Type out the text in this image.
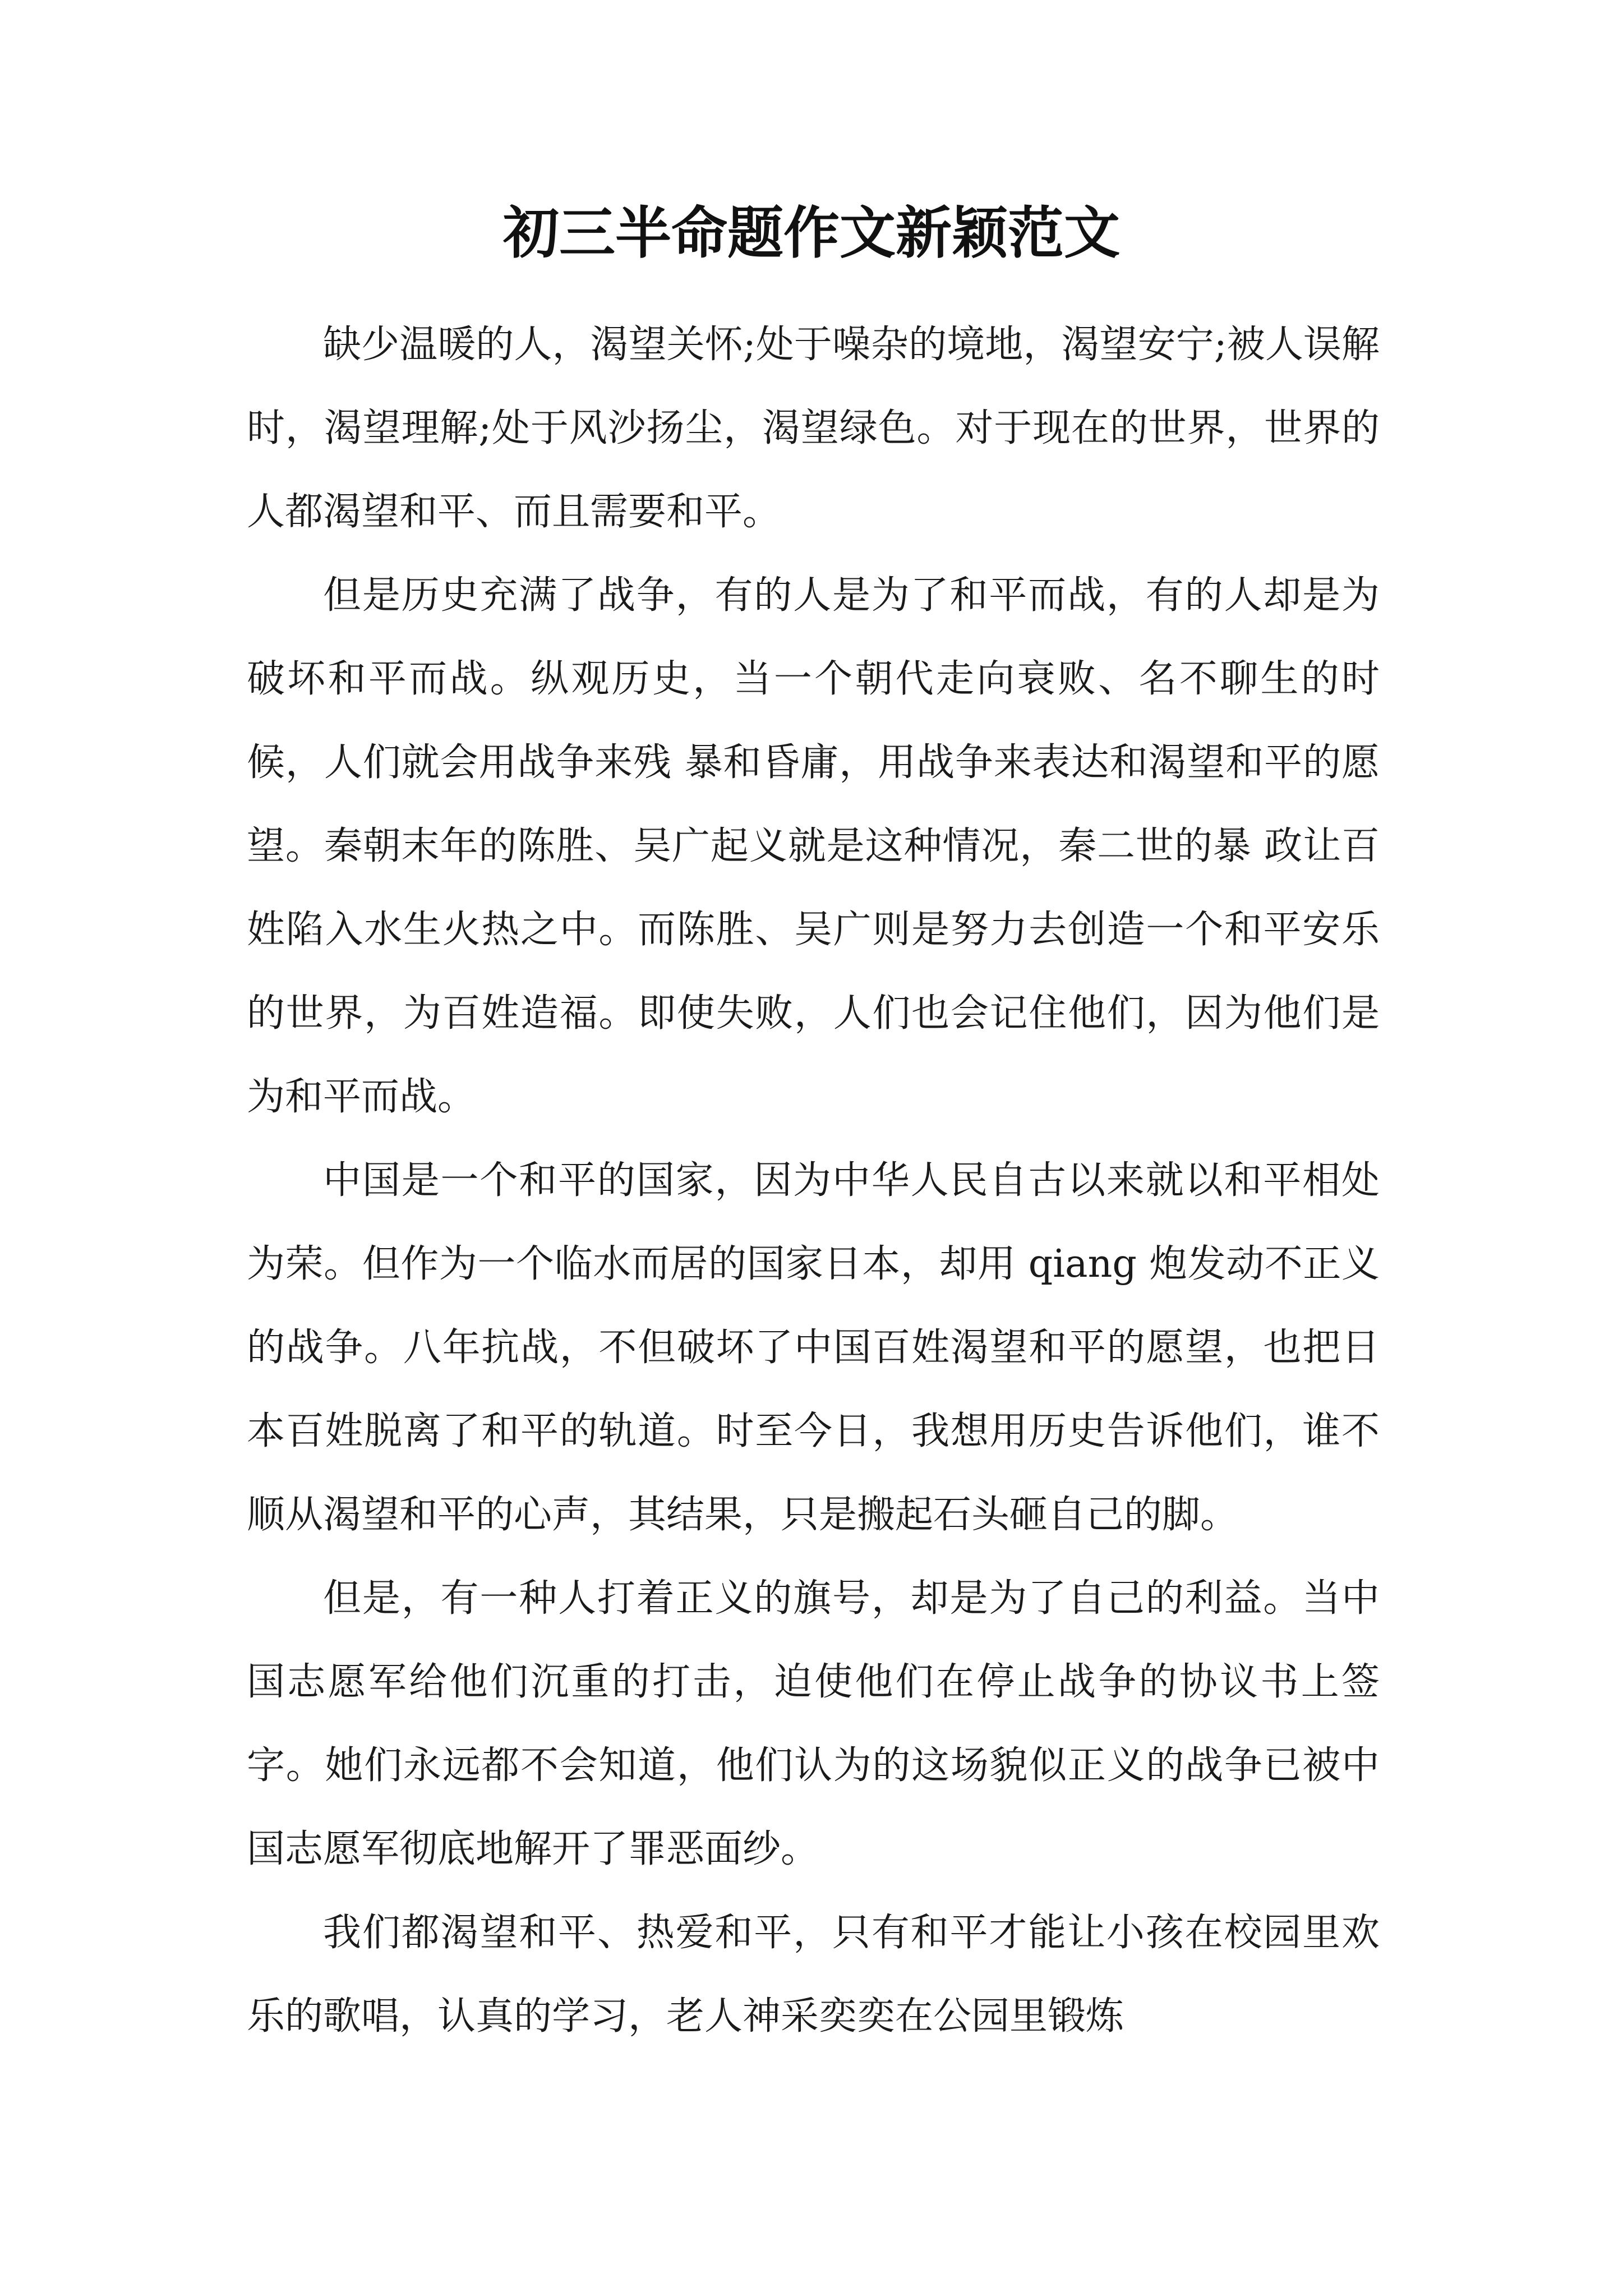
初三半命题作文新颖范文

缺少温暖的人，渴望关怀;处于噪杂的境地，渴望安宁;被人误解时，渴望理解;处于风沙扬尘，渴望绿色。对于现在的世界，世界的人都渴望和平、而且需要和平。

但是历史充满了战争，有的人是为了和平而战，有的人却是为破坏和平而战。纵观历史，当一个朝代走向衰败、名不聊生的时候，人们就会用战争来残 暴和昏庸，用战争来表达和渴望和平的愿望。秦朝末年的陈胜、吴广起义就是这种情况，秦二世的暴 政让百姓陷入水生火热之中。而陈胜、吴广则是努力去创造一个和平安乐的世界，为百姓造福。即使失败，人们也会记住他们，因为他们是为和平而战。

中国是一个和平的国家，因为中华人民自古以来就以和平相处为荣。但作为一个临水而居的国家日本，却用 qiang 炮发动不正义的战争。八年抗战，不但破坏了中国百姓渴望和平的愿望，也把日本百姓脱离了和平的轨道。时至今日，我想用历史告诉他们，谁不顺从渴望和平的心声，其结果，只是搬起石头砸自己的脚。

但是，有一种人打着正义的旗号，却是为了自己的利益。当中国志愿军给他们沉重的打击，迫使他们在停止战争的协议书上签字。她们永远都不会知道，他们认为的这场貌似正义的战争已被中国志愿军彻底地解开了罪恶面纱。

我们都渴望和平、热爱和平，只有和平才能让小孩在校园里欢乐的歌唱，认真的学习，老人神采奕奕在公园里锻炼
